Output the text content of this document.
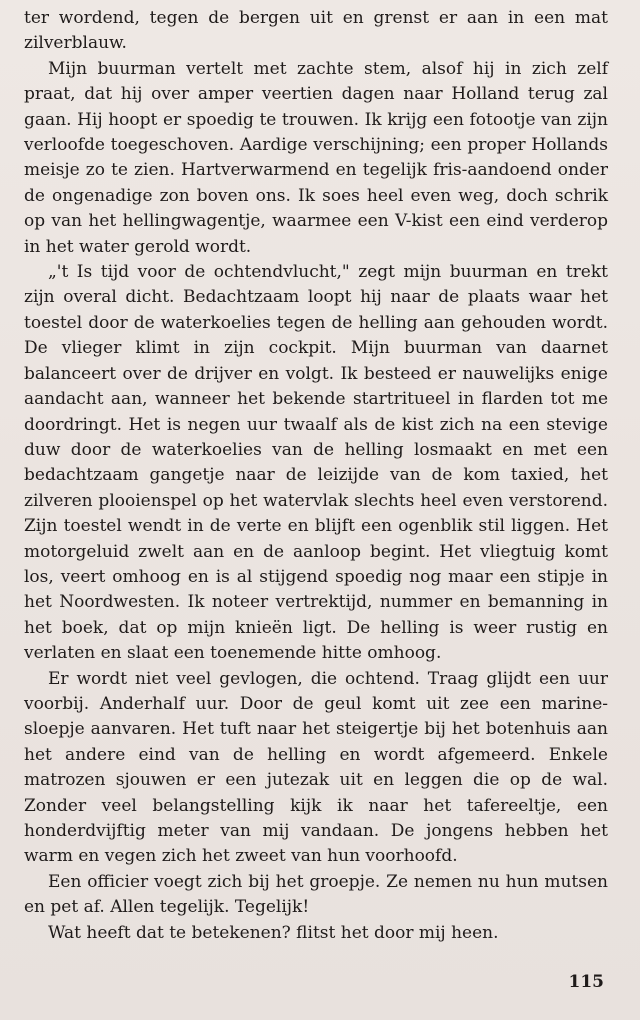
ter wordend, tegen de bergen uit en grenst er aan in een mat zilverblauw.

Mijn buurman vertelt met zachte stem, alsof hij in zich zelf praat, dat hij over amper veertien dagen naar Holland terug zal gaan. Hij hoopt er spoedig te trouwen. Ik krijg een fotootje van zijn verloofde toegeschoven. Aardige verschijning; een proper Hollands meisje zo te zien. Hartverwarmend en tegelijk fris-aandoend onder de ongenadige zon boven ons. Ik soes heel even weg, doch schrik op van het hellingwagentje, waarmee een V-kist een eind verderop in het water gerold wordt.

„'t Is tijd voor de ochtendvlucht," zegt mijn buurman en trekt zijn overal dicht. Bedachtzaam loopt hij naar de plaats waar het toestel door de waterkoelies tegen de helling aan gehouden wordt. De vlieger klimt in zijn cockpit. Mijn buurman van daarnet balanceert over de drijver en volgt. Ik besteed er nauwelijks enige aandacht aan, wanneer het bekende startritueel in flarden tot me doordringt. Het is negen uur twaalf als de kist zich na een stevige duw door de waterkoelies van de helling losmaakt en met een bedachtzaam gangetje naar de leizijde van de kom taxied, het zilveren plooienspel op het watervlak slechts heel even verstorend. Zijn toestel wendt in de verte en blijft een ogenblik stil liggen. Het motorgeluid zwelt aan en de aanloop begint. Het vliegtuig komt los, veert omhoog en is al stijgend spoedig nog maar een stipje in het Noordwesten. Ik noteer vertrektijd, nummer en bemanning in het boek, dat op mijn knieën ligt. De helling is weer rustig en verlaten en slaat een toenemende hitte omhoog.

Er wordt niet veel gevlogen, die ochtend. Traag glijdt een uur voorbij. Anderhalf uur. Door de geul komt uit zee een marine-sloepje aanvaren. Het tuft naar het steigertje bij het botenhuis aan het andere eind van de helling en wordt afgemeerd. Enkele matrozen sjouwen er een jutezak uit en leggen die op de wal. Zonder veel belangstelling kijk ik naar het tafereeltje, een honderdvijftig meter van mij vandaan. De jongens hebben het warm en vegen zich het zweet van hun voorhoofd.

Een officier voegt zich bij het groepje. Ze nemen nu hun mutsen en pet af. Allen tegelijk. Tegelijk!

Wat heeft dat te betekenen? flitst het door mij heen.

115
